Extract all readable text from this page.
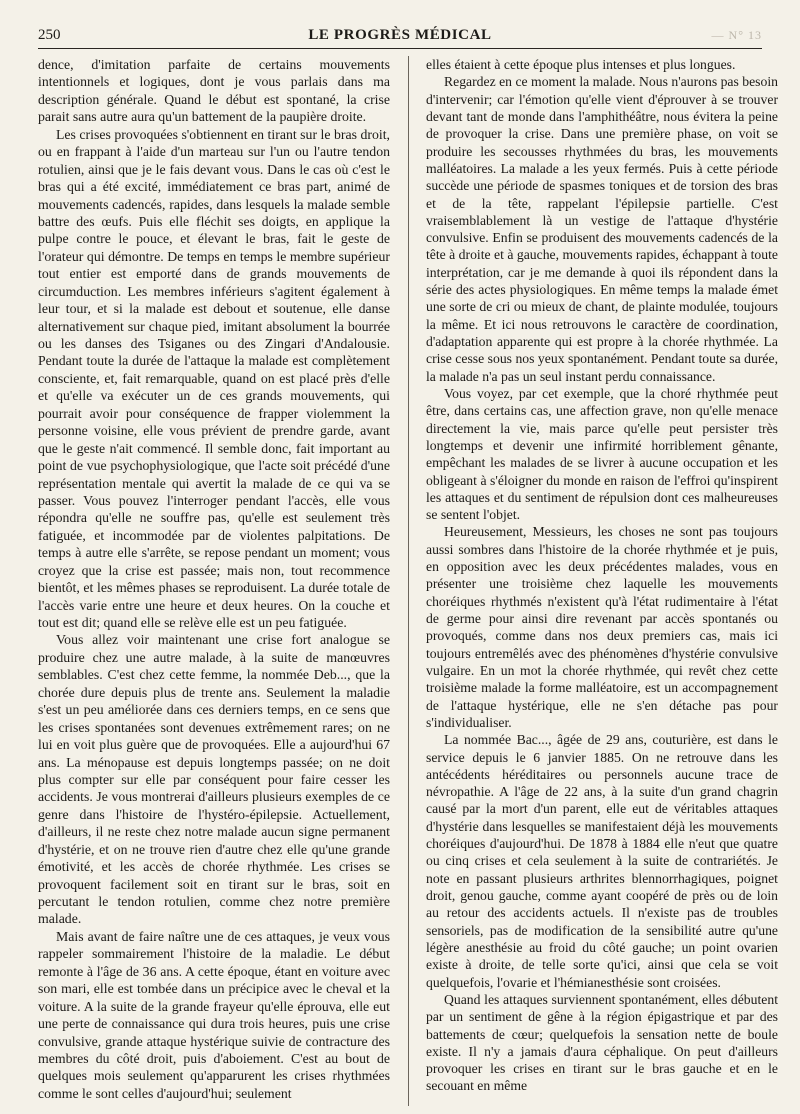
250	LE PROGRÈS MÉDICAL	— N° 13

dence, d'imitation parfaite de certains mouvements intentionnels et logiques, dont je vous parlais dans ma description générale. Quand le début est spontané, la crise parait sans autre aura qu'un battement de la paupière droite.

Les crises provoquées s'obtiennent en tirant sur le bras droit, ou en frappant à l'aide d'un marteau sur l'un ou l'autre tendon rotulien, ainsi que je le fais devant vous. Dans le cas où c'est le bras qui a été excité, immédiatement ce bras part, animé de mouvements cadencés, rapides, dans lesquels la malade semble battre des œufs. Puis elle fléchit ses doigts, en applique la pulpe contre le pouce, et élevant le bras, fait le geste de l'orateur qui démontre. De temps en temps le membre supérieur tout entier est emporté dans de grands mouvements de circumduction. Les membres inférieurs s'agitent également à leur tour, et si la malade est debout et soutenue, elle danse alternativement sur chaque pied, imitant absolument la bourrée ou les danses des Tsiganes ou des Zingari d'Andalousie. Pendant toute la durée de l'attaque la malade est complètement consciente, et, fait remarquable, quand on est placé près d'elle et qu'elle va exécuter un de ces grands mouvements, qui pourrait avoir pour conséquence de frapper violemment la personne voisine, elle vous prévient de prendre garde, avant que le geste n'ait commencé. Il semble donc, fait important au point de vue psychophysiologique, que l'acte soit précédé d'une représentation mentale qui avertit la malade de ce qui va se passer. Vous pouvez l'interroger pendant l'accès, elle vous répondra qu'elle ne souffre pas, qu'elle est seulement très fatiguée, et incommodée par de violentes palpitations. De temps à autre elle s'arrête, se repose pendant un moment; vous croyez que la crise est passée; mais non, tout recommence bientôt, et les mêmes phases se reproduisent. La durée totale de l'accès varie entre une heure et deux heures. On la couche et tout est dit; quand elle se relève elle est un peu fatiguée.

Vous allez voir maintenant une crise fort analogue se produire chez une autre malade, à la suite de manœuvres semblables. C'est chez cette femme, la nommée Deb..., que la chorée dure depuis plus de trente ans. Seulement la maladie s'est un peu améliorée dans ces derniers temps, en ce sens que les crises spontanées sont devenues extrêmement rares; on ne lui en voit plus guère que de provoquées. Elle a aujourd'hui 67 ans. La ménopause est depuis longtemps passée; on ne doit plus compter sur elle par conséquent pour faire cesser les accidents. Je vous montrerai d'ailleurs plusieurs exemples de ce genre dans l'histoire de l'hystéro-épilepsie. Actuellement, d'ailleurs, il ne reste chez notre malade aucun signe permanent d'hystérie, et on ne trouve rien d'autre chez elle qu'une grande émotivité, et les accès de chorée rhythmée. Les crises se provoquent facilement soit en tirant sur le bras, soit en percutant le tendon rotulien, comme chez notre première malade.

Mais avant de faire naître une de ces attaques, je veux vous rappeler sommairement l'histoire de la maladie. Le début remonte à l'âge de 36 ans. A cette époque, étant en voiture avec son mari, elle est tombée dans un précipice avec le cheval et la voiture. A la suite de la grande frayeur qu'elle éprouva, elle eut une perte de connaissance qui dura trois heures, puis une crise convulsive, grande attaque hystérique suivie de contracture des membres du côté droit, puis d'aboiement. C'est au bout de quelques mois seulement qu'apparurent les crises rhythmées comme le sont celles d'aujourd'hui; seulement

elles étaient à cette époque plus intenses et plus longues.

Regardez en ce moment la malade. Nous n'aurons pas besoin d'intervenir; car l'émotion qu'elle vient d'éprouver à se trouver devant tant de monde dans l'amphithéâtre, nous évitera la peine de provoquer la crise. Dans une première phase, on voit se produire les secousses rhythmées du bras, les mouvements malléatoires. La malade a les yeux fermés. Puis à cette période succède une période de spasmes toniques et de torsion des bras et de la tête, rappelant l'épilepsie partielle. C'est vraisemblablement là un vestige de l'attaque d'hystérie convulsive. Enfin se produisent des mouvements cadencés de la tête à droite et à gauche, mouvements rapides, échappant à toute interprétation, car je me demande à quoi ils répondent dans la série des actes physiologiques. En même temps la malade émet une sorte de cri ou mieux de chant, de plainte modulée, toujours la même. Et ici nous retrouvons le caractère de coordination, d'adaptation apparente qui est propre à la chorée rhythmée. La crise cesse sous nos yeux spontanément. Pendant toute sa durée, la malade n'a pas un seul instant perdu connaissance.

Vous voyez, par cet exemple, que la choré rhythmée peut être, dans certains cas, une affection grave, non qu'elle menace directement la vie, mais parce qu'elle peut persister très longtemps et devenir une infirmité horriblement gênante, empêchant les malades de se livrer à aucune occupation et les obligeant à s'éloigner du monde en raison de l'effroi qu'inspirent les attaques et du sentiment de répulsion dont ces malheureuses se sentent l'objet.

Heureusement, Messieurs, les choses ne sont pas toujours aussi sombres dans l'histoire de la chorée rhythmée et je puis, en opposition avec les deux précédentes malades, vous en présenter une troisième chez laquelle les mouvements choréiques rhythmés n'existent qu'à l'état rudimentaire à l'état de germe pour ainsi dire revenant par accès spontanés ou provoqués, comme dans nos deux premiers cas, mais ici toujours entremêlés avec des phénomènes d'hystérie convulsive vulgaire. En un mot la chorée rhythmée, qui revêt chez cette troisième malade la forme malléatoire, est un accompagnement de l'attaque hystérique, elle ne s'en détache pas pour s'individualiser.

La nommée Bac..., âgée de 29 ans, couturière, est dans le service depuis le 6 janvier 1885. On ne retrouve dans les antécédents héréditaires ou personnels aucune trace de névropathie. A l'âge de 22 ans, à la suite d'un grand chagrin causé par la mort d'un parent, elle eut de véritables attaques d'hystérie dans lesquelles se manifestaient déjà les mouvements choréiques d'aujourd'hui. De 1878 à 1884 elle n'eut que quatre ou cinq crises et cela seulement à la suite de contrariétés. Je note en passant plusieurs arthrites blennorrhagiques, poignet droit, genou gauche, comme ayant coopéré de près ou de loin au retour des accidents actuels. Il n'existe pas de troubles sensoriels, pas de modification de la sensibilité autre qu'une légère anesthésie au froid du côté gauche; un point ovarien existe à droite, de telle sorte qu'ici, ainsi que cela se voit quelquefois, l'ovarie et l'hémianesthésie sont croisées.

Quand les attaques surviennent spontanément, elles débutent par un sentiment de gêne à la région épigastrique et par des battements de cœur; quelquefois la sensation nette de boule existe. Il n'y a jamais d'aura céphalique. On peut d'ailleurs provoquer les crises en tirant sur le bras gauche et en le secouant en même
